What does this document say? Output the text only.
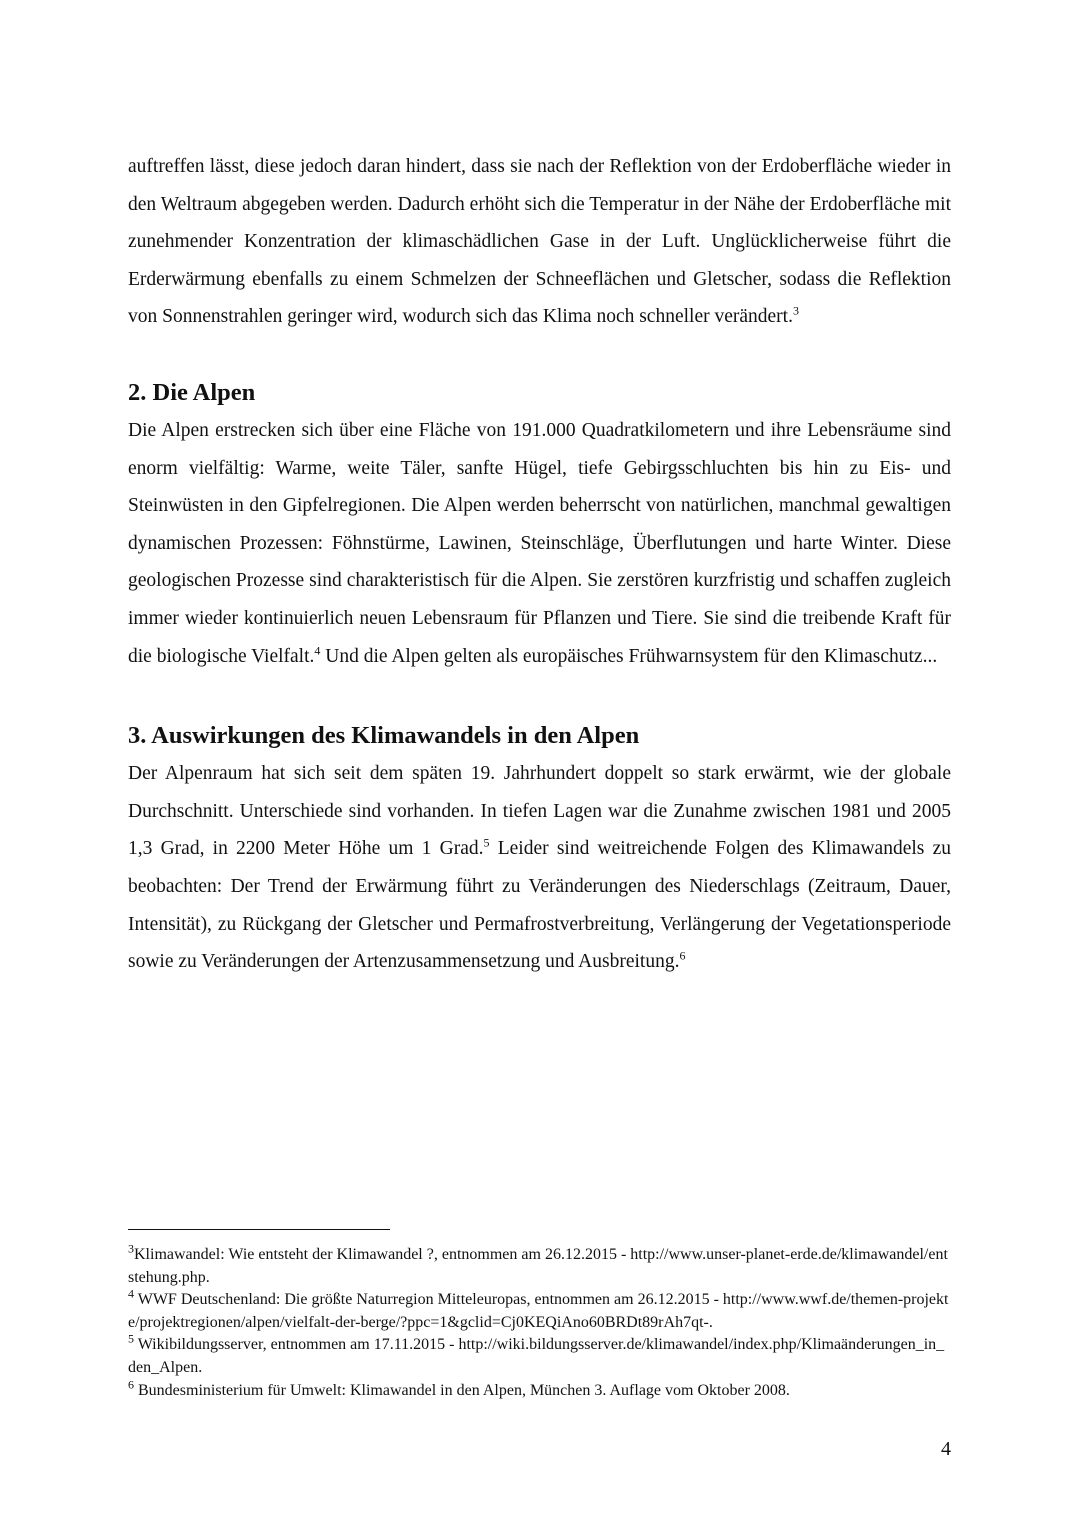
auftreffen lässt, diese jedoch daran hindert, dass sie nach der Reflektion von der Erdoberfläche wieder in den Weltraum abgegeben werden. Dadurch erhöht sich die Temperatur in der Nähe der Erdoberfläche mit zunehmender Konzentration der klimaschädlichen Gase in der Luft. Unglücklicherweise führt die Erderwärmung ebenfalls zu einem Schmelzen der Schneeflächen und Gletscher, sodass die Reflektion von Sonnenstrahlen geringer wird, wodurch sich das Klima noch schneller verändert.$^3$

2. Die Alpen

Die Alpen erstrecken sich über eine Fläche von 191.000 Quadratkilometern und ihre Lebensräume sind enorm vielfältig: Warme, weite Täler, sanfte Hügel, tiefe Gebirgsschluchten bis hin zu Eis- und Steinwüsten in den Gipfelregionen. Die Alpen werden beherrscht von natürlichen, manchmal gewaltigen dynamischen Prozessen: Föhnstürme, Lawinen, Steinschläge, Überflutungen und harte Winter. Diese geologischen Prozesse sind charakteristisch für die Alpen. Sie zerstören kurzfristig und schaffen zugleich immer wieder kontinuierlich neuen Lebensraum für Pflanzen und Tiere. Sie sind die treibende Kraft für die biologische Vielfalt.$^4$ Und die Alpen gelten als europäisches Frühwarnsystem für den Klimaschutz...

3. Auswirkungen des Klimawandels in den Alpen

Der Alpenraum hat sich seit dem späten 19. Jahrhundert doppelt so stark erwärmt, wie der globale Durchschnitt. Unterschiede sind vorhanden. In tiefen Lagen war die Zunahme zwischen 1981 und 2005 1,3 Grad, in 2200 Meter Höhe um 1 Grad.$^5$ Leider sind weitreichende Folgen des Klimawandels zu beobachten: Der Trend der Erwärmung führt zu Veränderungen des Niederschlags (Zeitraum, Dauer, Intensität), zu Rückgang der Gletscher und Permafrostverbreitung, Verlängerung der Vegetationsperiode sowie zu Veränderungen der Artenzusammensetzung und Ausbreitung.$^6$

$^3$Klimawandel: Wie entsteht der Klimawandel ?, entnommen am 26.12.2015 - http://www.unser-planet-erde.de/klimawandel/entstehung.php.

$^4$ WWF Deutschenland: Die größte Naturregion Mitteleuropas, entnommen am 26.12.2015 - http://www.wwf.de/themen-projekte/projektregionen/alpen/vielfalt-der-berge/?ppc=1&gclid=Cj0KEQiAno60BRDt89rAh7qt-.

$^5$ Wikibildungsserver, entnommen am 17.11.2015 - http://wiki.bildungsserver.de/klimawandel/index.php/Klimaänderungen_in_den_Alpen.

$^6$ Bundesministerium für Umwelt: Klimawandel in den Alpen, München 3. Auflage vom Oktober 2008.

4
